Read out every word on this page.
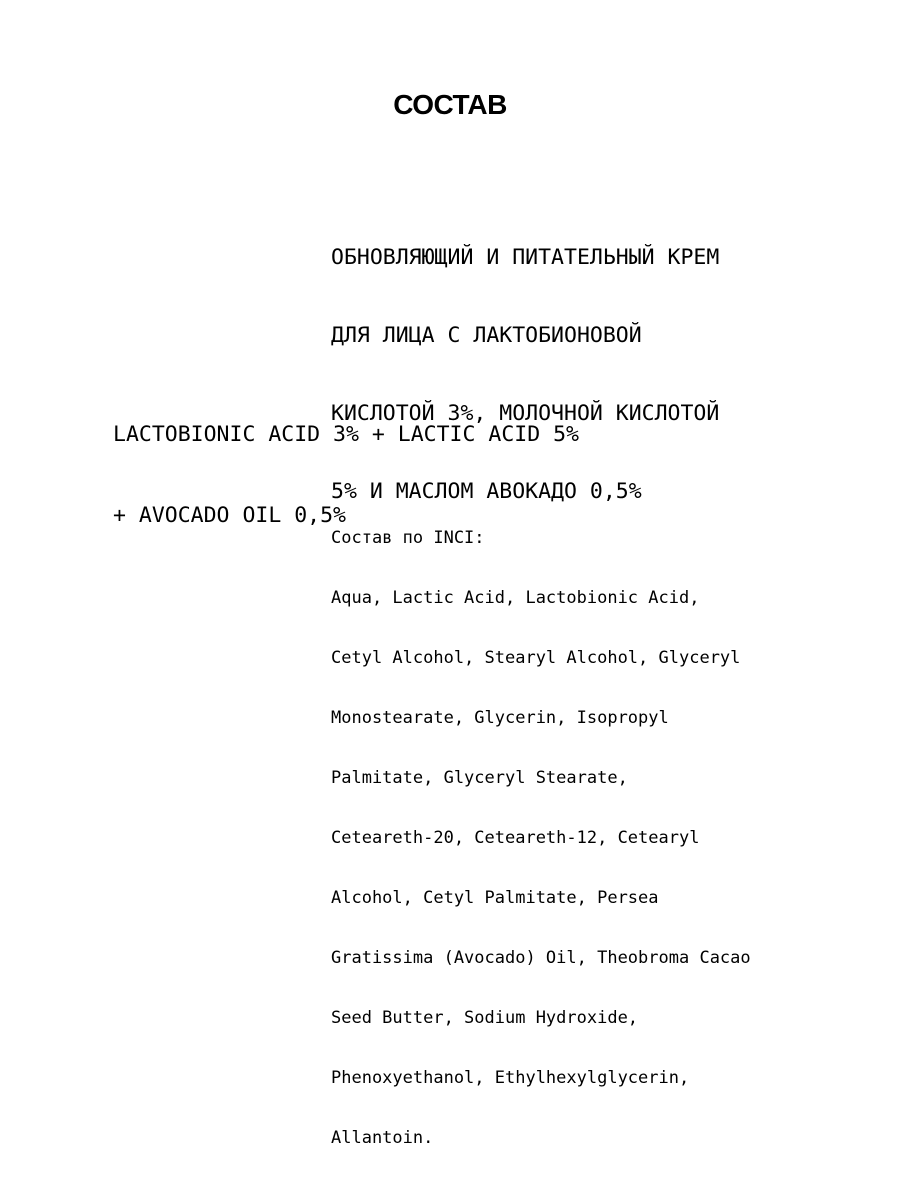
СОСТАВ

ОБНОВЛЯЮЩИЙ И ПИТАТЕЛЬНЫЙ КРЕМ

ДЛЯ ЛИЦА С ЛАКТОБИОНОВОЙ

КИСЛОТОЙ 3%, МОЛОЧНОЙ КИСЛОТОЙ

5% И МАСЛОМ АВОКАДО 0,5%

LACTOBIONIC ACID 3% + LACTIC ACID 5%

+ AVOCADO OIL 0,5%

Состав по INCI:

Aqua, Lactic Acid, Lactobionic Acid,

Cetyl Alcohol, Stearyl Alcohol, Glyceryl

Monostearate, Glycerin, Isopropyl

Palmitate, Glyceryl Stearate,

Ceteareth-20, Ceteareth-12, Cetearyl

Alcohol, Cetyl Palmitate, Persea

Gratissima (Avocado) Oil, Theobroma Cacao

Seed Butter, Sodium Hydroxide,

Phenoxyethanol, Ethylhexylglycerin,

Allantoin.
